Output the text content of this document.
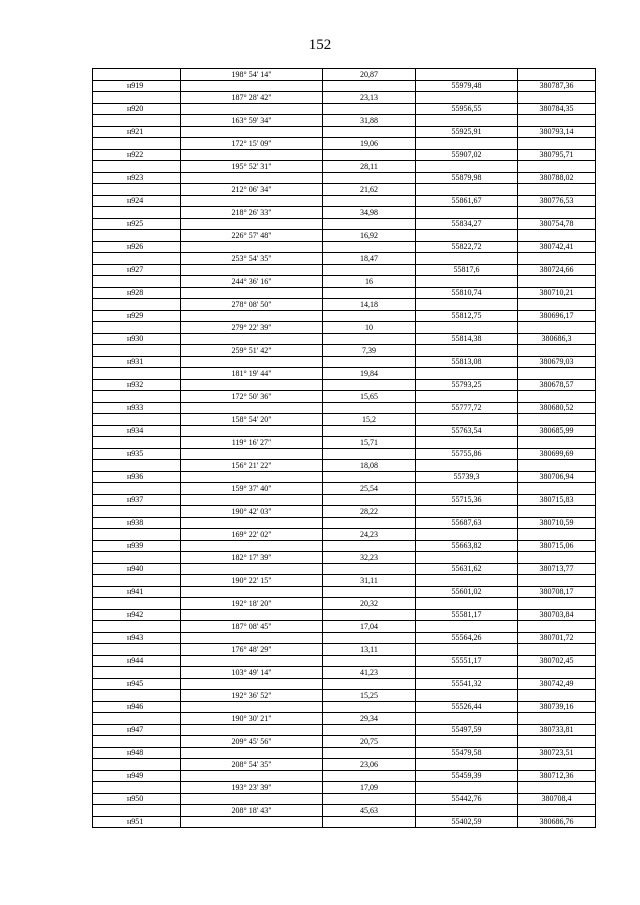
152
	198° 54' 14"	20,87		
н919			55979,48	380787,36
	187° 28' 42"	23,13		
н920			55956,55	380784,35
	163° 59' 34"	31,88		
н921			55925,91	380793,14
	172° 15' 09"	19,06		
н922			55907,02	380795,71
	195° 52' 31"	28,11		
н923			55879,98	380788,02
	212° 06' 34"	21,62		
н924			55861,67	380776,53
	218° 26' 33"	34,98		
н925			55834,27	380754,78
	226° 57' 48"	16,92		
н926			55822,72	380742,41
	253° 54' 35"	18,47		
н927			55817,6	380724,66
	244° 36' 16"	16		
н928			55810,74	380710,21
	278° 08' 50"	14,18		
н929			55812,75	380696,17
	279° 22' 39"	10		
н930			55814,38	380686,3
	259° 51' 42"	7,39		
н931			55813,08	380679,03
	181° 19' 44"	19,84		
н932			55793,25	380678,57
	172° 50' 36"	15,65		
н933			55777,72	380680,52
	158° 54' 20"	15,2		
н934			55763,54	380685,99
	119° 16' 27"	15,71		
н935			55755,86	380699,69
	156° 21' 22"	18,08		
н936			55739,3	380706,94
	159° 37' 40"	25,54		
н937			55715,36	380715,83
	190° 42' 03"	28,22		
н938			55687,63	380710,59
	169° 22' 02"	24,23		
н939			55663,82	380715,06
	182° 17' 39"	32,23		
н940			55631,62	380713,77
	190° 22' 15"	31,11		
н941			55601,02	380708,17
	192° 18' 20"	20,32		
н942			55581,17	380703,84
	187° 08' 45"	17,04		
н943			55564,26	380701,72
	176° 48' 29"	13,11		
н944			55551,17	380702,45
	103° 49' 14"	41,23		
н945			55541,32	380742,49
	192° 36' 52"	15,25		
н946			55526,44	380739,16
	190° 30' 21"	29,34		
н947			55497,59	380733,81
	209° 45' 56"	20,75		
н948			55479,58	380723,51
	208° 54' 35"	23,06		
н949			55459,39	380712,36
	193° 23' 39"	17,09		
н950			55442,76	380708,4
	208° 18' 43"	45,63		
н951			55402,59	380686,76
